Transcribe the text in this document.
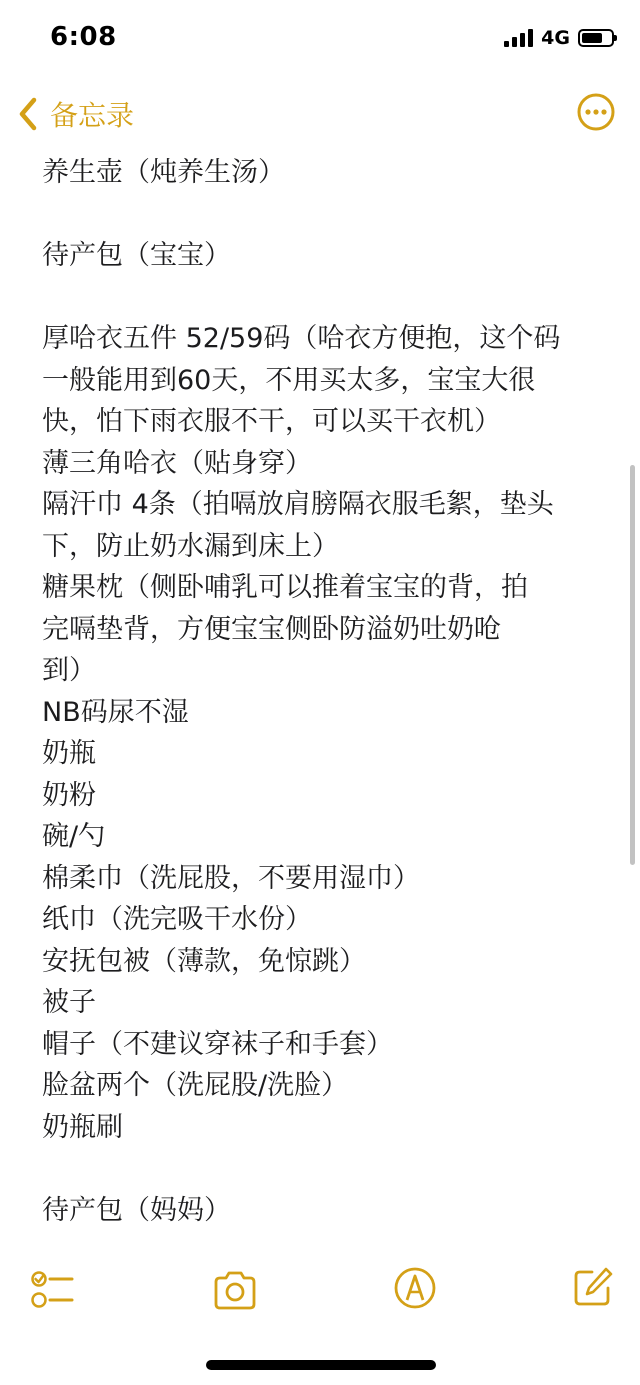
6:08	4G
备忘录
养生壶（炖养生汤）
待产包（宝宝）
厚哈衣五件 52/59码（哈衣方便抱，这个码
一般能用到60天，不用买太多，宝宝大很
快，怕下雨衣服不干，可以买干衣机）
薄三角哈衣（贴身穿）
隔汗巾 4条（拍嗝放肩膀隔衣服毛絮，垫头
下，防止奶水漏到床上）
糖果枕（侧卧哺乳可以推着宝宝的背，拍
完嗝垫背，方便宝宝侧卧防溢奶吐奶呛
到）
NB码尿不湿
奶瓶
奶粉
碗/勺
棉柔巾（洗屁股，不要用湿巾）
纸巾（洗完吸干水份）
安抚包被（薄款，免惊跳）
被子
帽子（不建议穿袜子和手套）
脸盆两个（洗屁股/洗脸）
奶瓶刷
待产包（妈妈）
